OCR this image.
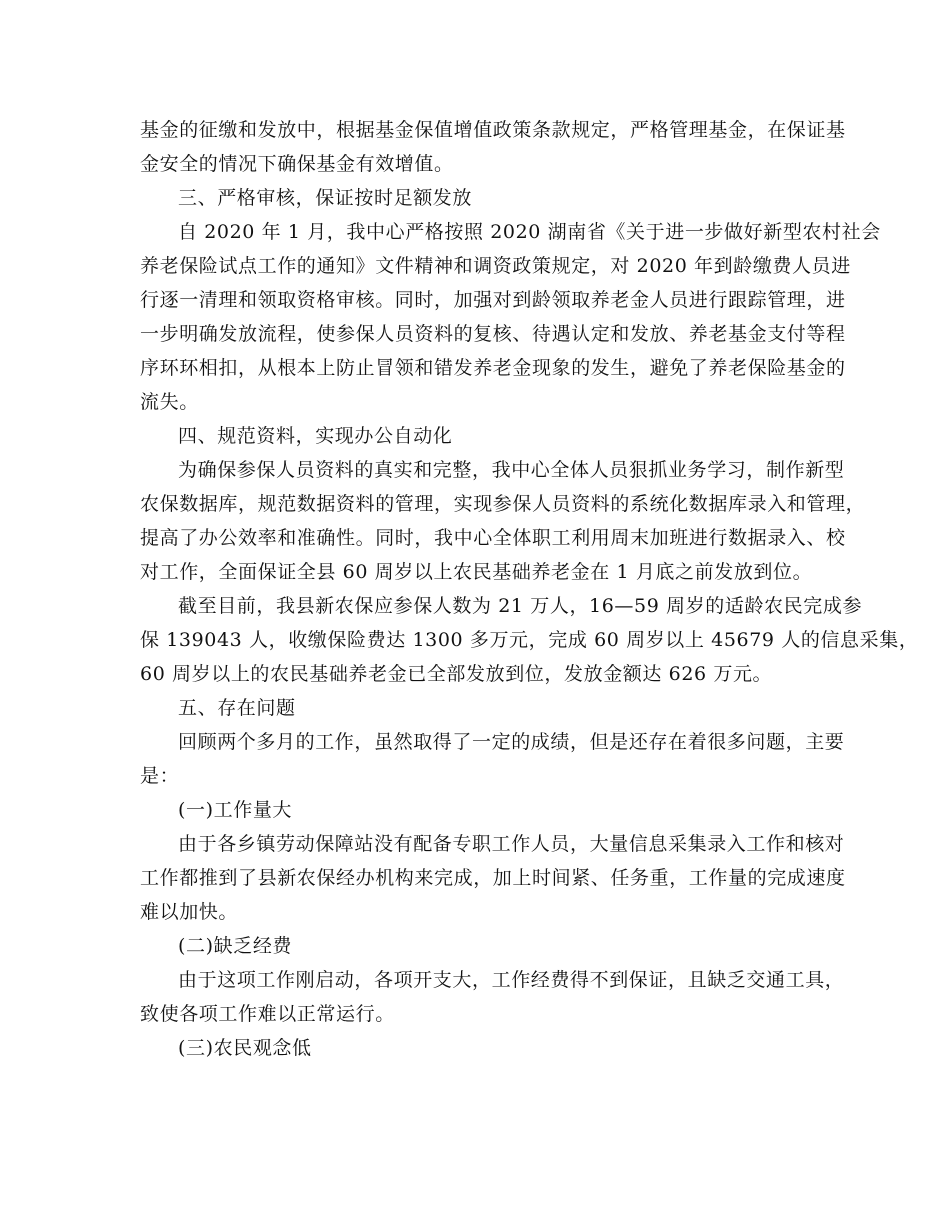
基金的征缴和发放中，根据基金保值增值政策条款规定，严格管理基金，在保证基
金安全的情况下确保基金有效增值。
三、严格审核，保证按时足额发放
自 2020 年 1 月，我中心严格按照 2020 湖南省《关于进一步做好新型农村社会
养老保险试点工作的通知》文件精神和调资政策规定，对 2020 年到龄缴费人员进
行逐一清理和领取资格审核。同时，加强对到龄领取养老金人员进行跟踪管理，进
一步明确发放流程，使参保人员资料的复核、待遇认定和发放、养老基金支付等程
序环环相扣，从根本上防止冒领和错发养老金现象的发生，避免了养老保险基金的
流失。
四、规范资料，实现办公自动化
为确保参保人员资料的真实和完整，我中心全体人员狠抓业务学习，制作新型
农保数据库，规范数据资料的管理，实现参保人员资料的系统化数据库录入和管理，
提高了办公效率和准确性。同时，我中心全体职工利用周末加班进行数据录入、校
对工作，全面保证全县 60 周岁以上农民基础养老金在 1 月底之前发放到位。
截至目前，我县新农保应参保人数为 21 万人，16—59 周岁的适龄农民完成参
保 139043 人，收缴保险费达 1300 多万元，完成 60 周岁以上 45679 人的信息采集，
60 周岁以上的农民基础养老金已全部发放到位，发放金额达 626 万元。
五、存在问题
回顾两个多月的工作，虽然取得了一定的成绩，但是还存在着很多问题，主要
是：
(一)工作量大
由于各乡镇劳动保障站没有配备专职工作人员，大量信息采集录入工作和核对
工作都推到了县新农保经办机构来完成，加上时间紧、任务重，工作量的完成速度
难以加快。
(二)缺乏经费
由于这项工作刚启动，各项开支大，工作经费得不到保证，且缺乏交通工具，
致使各项工作难以正常运行。
(三)农民观念低
